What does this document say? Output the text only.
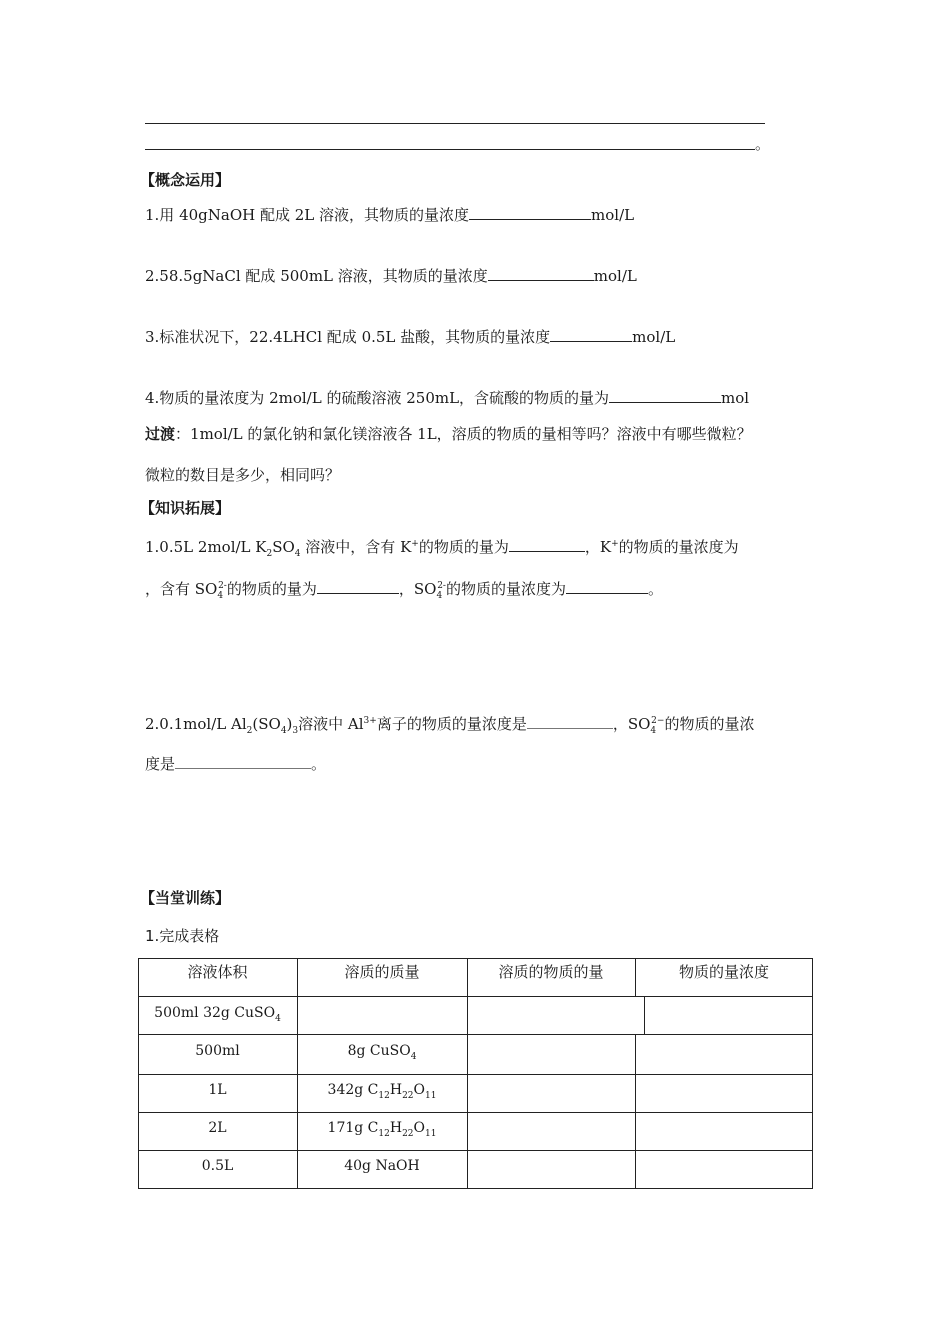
。
【概念运用】
1.用 40gNaOH 配成 2L 溶液，其物质的量浓度	mol/L
2.58.5gNaCl 配成 500mL 溶液，其物质的量浓度	mol/L
3.标准状况下，22.4LHCl 配成 0.5L 盐酸，其物质的量浓度	mol/L
4.物质的量浓度为 2mol/L 的硫酸溶液 250mL，含硫酸的物质的量为	mol
过渡：1mol/L 的氯化钠和氯化镁溶液各 1L，溶质的物质的量相等吗？溶液中有哪些微粒？
微粒的数目是多少，相同吗？
【知识拓展】
1.0.5L 2mol/L $K_2SO_4$ 溶液中，含有 K+的物质的量为	，K+的物质的量浓度为
，含有 $SO_4^{2-}$的物质的量为	，$SO_4^{2-}$的物质的量浓度为	。
2.0.1mol/L $Al_2(SO_4)_3$溶液中 $Al^{3+}$离子的物质的量浓度是	，$SO_4^{2-}$的物质的量浓
度是	。
【当堂训练】
1.完成表格
溶液体积	溶质的质量	溶质的物质的量	物质的量浓度
500ml 32g CuSO$_4$
500ml	8g CuSO$_4$
1L	342g $C_{12}H_{22}O_{11}$
2L	171g $C_{12}H_{22}O_{11}$
0.5L	40g NaOH
